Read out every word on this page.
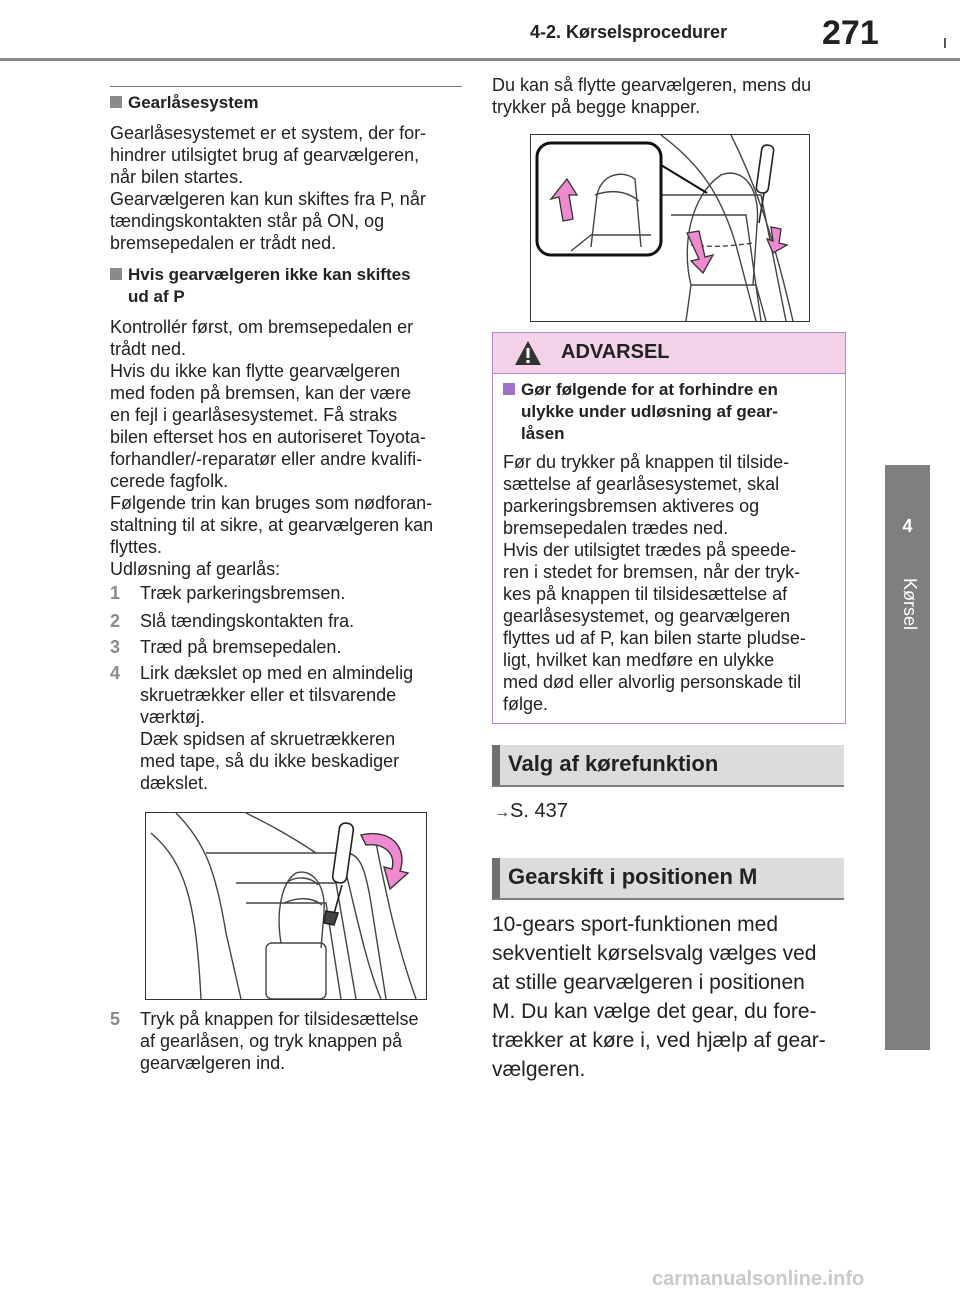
4-2. Kørselsprocedurer	271
4
Kørsel
Gearlåsesystem
Gearlåsesystemet er et system, der for-
hindrer utilsigtet brug af gearvælgeren,
når bilen startes.
Gearvælgeren kan kun skiftes fra P, når
tændingskontakten står på ON, og
bremsepedalen er trådt ned.
Hvis gearvælgeren ikke kan skiftes
ud af P
Kontrollér først, om bremsepedalen er
trådt ned.
Hvis du ikke kan flytte gearvælgeren
med foden på bremsen, kan der være
en fejl i gearlåsesystemet. Få straks
bilen efterset hos en autoriseret Toyota-
forhandler/-reparatør eller andre kvalifi-
cerede fagfolk.
Følgende trin kan bruges som nødforan-
staltning til at sikre, at gearvælgeren kan
flyttes.
Udløsning af gearlås:
1 Træk parkeringsbremsen.
2 Slå tændingskontakten fra.
3 Træd på bremsepedalen.
4 Lirk dækslet op med en almindelig
skruetrækker eller et tilsvarende
værktøj.
Dæk spidsen af skruetrækkeren
med tape, så du ikke beskadiger
dækslet.
5 Tryk på knappen for tilsidesættelse
af gearlåsen, og tryk knappen på
gearvælgeren ind.
Du kan så flytte gearvælgeren, mens du
trykker på begge knapper.
ADVARSEL
Gør følgende for at forhindre en
ulykke under udløsning af gear-
låsen
Før du trykker på knappen til tilside-
sættelse af gearlåsesystemet, skal
parkeringsbremsen aktiveres og
bremsepedalen trædes ned.
Hvis der utilsigtet trædes på speede-
ren i stedet for bremsen, når der tryk-
kes på knappen til tilsidesættelse af
gearlåsesystemet, og gearvælgeren
flyttes ud af P, kan bilen starte pludse-
ligt, hvilket kan medføre en ulykke
med død eller alvorlig personskade til
følge.
Valg af kørefunktion
→S. 437
Gearskift i positionen M
10-gears sport-funktionen med
sekventielt kørselsvalg vælges ved
at stille gearvælgeren i positionen
M. Du kan vælge det gear, du fore-
trækker at køre i, ved hjælp af gear-
vælgeren.
carmanualsonline.info
